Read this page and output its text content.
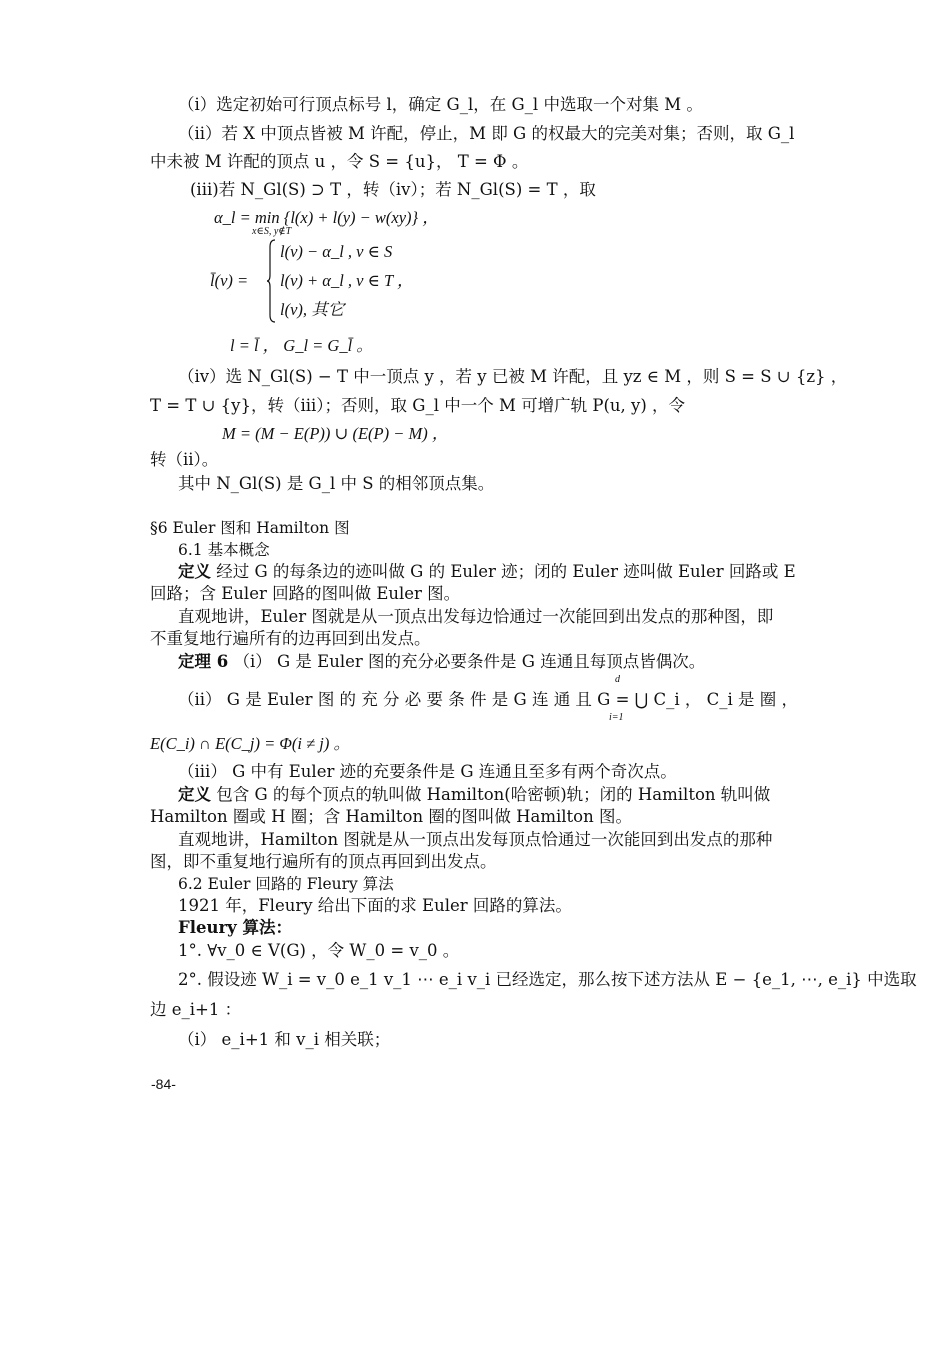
（i）选定初始可行顶点标号 l，确定 G_l，在 G_l 中选取一个对集 M 。
（ii）若 X 中顶点皆被 M 许配，停止，M 即 G 的权最大的完美对集；否则，取 G_l
中未被 M 许配的顶点 u ，令 S = {u}， T = Φ 。
(iii)若 N_Gl(S) ⊃ T ，转（iv）；若 N_Gl(S) = T ，取
α_l = min {l(x) + l(y) − w(xy)} ，
x∈S, y∉T
l̄(v) =
l(v) − α_l , v ∈ S
l(v) + α_l , v ∈ T ，
l(v), 其它
l = l̄ ， G_l = G_l̄ 。
（iv）选 N_Gl(S) − T 中一顶点 y ，若 y 已被 M 许配，且 yz ∈ M ，则 S = S ∪ {z} ，
T = T ∪ {y}，转（iii）；否则，取 G_l 中一个 M 可增广轨 P(u, y) ，令
M = (M − E(P)) ∪ (E(P) − M) ，
转（ii）。
其中 N_Gl(S) 是 G_l 中 S 的相邻顶点集。
§6 Euler 图和 Hamilton 图
6.1 基本概念
定义 经过 G 的每条边的迹叫做 G 的 Euler 迹；闭的 Euler 迹叫做 Euler 回路或 E
回路；含 Euler 回路的图叫做 Euler 图。
直观地讲，Euler 图就是从一顶点出发每边恰通过一次能回到出发点的那种图，即
不重复地行遍所有的边再回到出发点。
定理 6 （i） G 是 Euler 图的充分必要条件是 G 连通且每顶点皆偶次。
d
（ii） G 是 Euler 图 的 充 分 必 要 条 件 是 G 连 通 且 G = ⋃ C_i ， C_i 是 圈 ，
i=1
E(C_i) ∩ E(C_j) = Φ(i ≠ j) 。
（iii） G 中有 Euler 迹的充要条件是 G 连通且至多有两个奇次点。
定义 包含 G 的每个顶点的轨叫做 Hamilton(哈密顿)轨；闭的 Hamilton 轨叫做
Hamilton 圈或 H 圈；含 Hamilton 圈的图叫做 Hamilton 图。
直观地讲，Hamilton 图就是从一顶点出发每顶点恰通过一次能回到出发点的那种
图，即不重复地行遍所有的顶点再回到出发点。
6.2 Euler 回路的 Fleury 算法
1921 年，Fleury 给出下面的求 Euler 回路的算法。
Fleury 算法：
1°. ∀v_0 ∈ V(G) ，令 W_0 = v_0 。
2°. 假设迹 W_i = v_0 e_1 v_1 ⋯ e_i v_i 已经选定，那么按下述方法从 E − {e_1, ⋯, e_i} 中选取
边 e_i+1 ：
（i） e_i+1 和 v_i 相关联；
-84-
